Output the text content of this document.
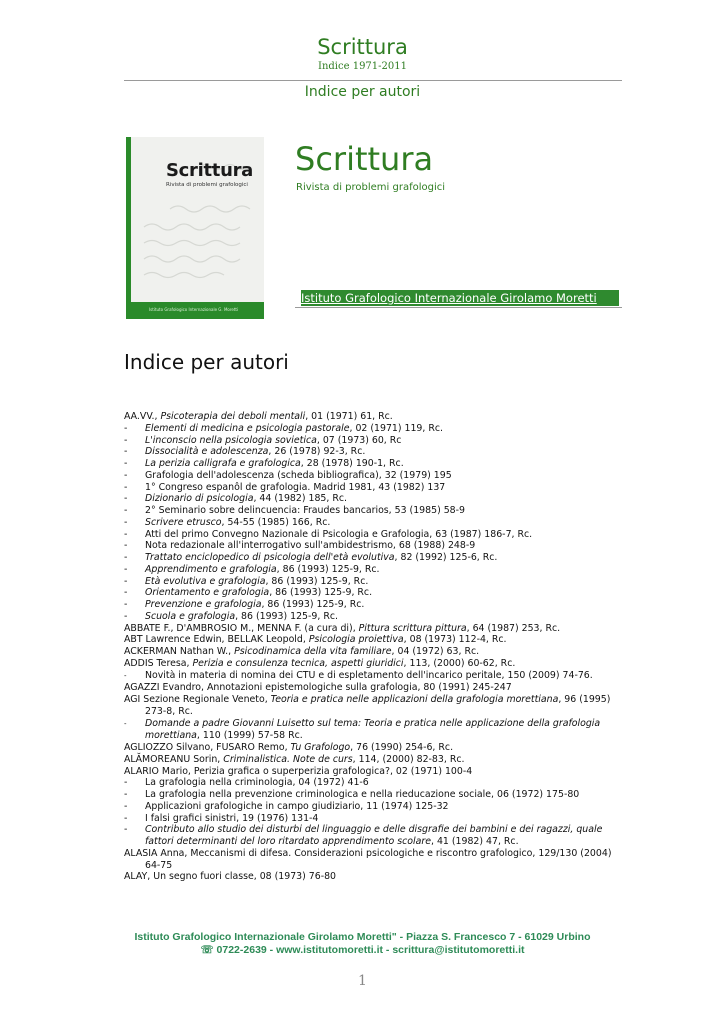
Scrittura
Indice 1971-2011
Indice per autori
Scrittura
Rivista di problemi grafologici
Istituto Grafologico Internazionale G. Moretti
Scrittura
Rivista di problemi grafologici
Istituto Grafologico Internazionale Girolamo Moretti
Indice per autori
AA.VV., Psicoterapia dei deboli mentali, 01 (1971) 61, Rc.
- Elementi di medicina e psicologia pastorale, 02 (1971) 119, Rc.
- L'inconscio nella psicologia sovietica, 07 (1973) 60, Rc
- Dissocialità e adolescenza, 26 (1978) 92-3, Rc.
- La perizia calligrafa e grafologica, 28 (1978) 190-1, Rc.
- Grafologia dell'adolescenza (scheda bibliografica), 32 (1979) 195
- 1° Congreso espanôl de grafologia. Madrid 1981, 43 (1982) 137
- Dizionario di psicologia, 44 (1982) 185, Rc.
- 2° Seminario sobre delincuencia: Fraudes bancarios, 53 (1985) 58-9
- Scrivere etrusco, 54-55 (1985) 166, Rc.
- Atti del primo Convegno Nazionale di Psicologia e Grafologia, 63 (1987) 186-7, Rc.
- Nota redazionale all'interrogativo sull'ambidestrismo, 68 (1988) 248-9
- Trattato enciclopedico di psicologia dell'età evolutiva, 82 (1992) 125-6, Rc.
- Apprendimento e grafologia, 86 (1993) 125-9, Rc.
- Età evolutiva e grafologia, 86 (1993) 125-9, Rc.
- Orientamento e grafologia, 86 (1993) 125-9, Rc.
- Prevenzione e grafologia, 86 (1993) 125-9, Rc.
- Scuola e grafologia, 86 (1993) 125-9, Rc.
ABBATE F., D'AMBROSIO M., MENNA F. (a cura di), Pittura scrittura pittura, 64 (1987) 253, Rc.
ABT Lawrence Edwin, BELLAK Leopold, Psicologia proiettiva, 08 (1973) 112-4, Rc.
ACKERMAN Nathan W., Psicodinamica della vita familiare, 04 (1972) 63, Rc.
ADDIS Teresa, Perizia e consulenza tecnica, aspetti giuridici, 113, (2000) 60-62, Rc.
- Novità in materia di nomina dei CTU e di espletamento dell'incarico peritale, 150 (2009) 74-76.
AGAZZI Evandro, Annotazioni epistemologiche sulla grafologia, 80 (1991) 245-247
AGI Sezione Regionale Veneto, Teoria e pratica nelle applicazioni della grafologia morettiana, 96 (1995) 273-8, Rc.
- Domande a padre Giovanni Luisetto sul tema: Teoria e pratica nelle applicazione della grafologia morettiana, 110 (1999) 57-58 Rc.
AGLIOZZO Silvano, FUSARO Remo, Tu Grafologo, 76 (1990) 254-6, Rc.
ALĂMOREANU Sorin, Criminalistica. Note de curs, 114, (2000) 82-83, Rc.
ALARIO Mario, Perizia grafica o superperizia grafologica?, 02 (1971) 100-4
- La grafologia nella criminologia, 04 (1972) 41-6
- La grafologia nella prevenzione criminologica e nella rieducazione sociale, 06 (1972) 175-80
- Applicazioni grafologiche in campo giudiziario, 11 (1974) 125-32
- I falsi grafici sinistri, 19 (1976) 131-4
- Contributo allo studio dei disturbi del linguaggio e delle disgrafie dei bambini e dei ragazzi, quale fattori determinanti del loro ritardato apprendimento scolare, 41 (1982) 47, Rc.
ALASIA Anna, Meccanismi di difesa. Considerazioni psicologiche e riscontro grafologico, 129/130 (2004) 64-75
ALAY, Un segno fuori classe, 08 (1973) 76-80
Istituto Grafologico Internazionale Girolamo Moretti" - Piazza S. Francesco 7 - 61029 Urbino
☏ 0722-2639 - www.istitutomoretti.it - scrittura@istitutomoretti.it
1
